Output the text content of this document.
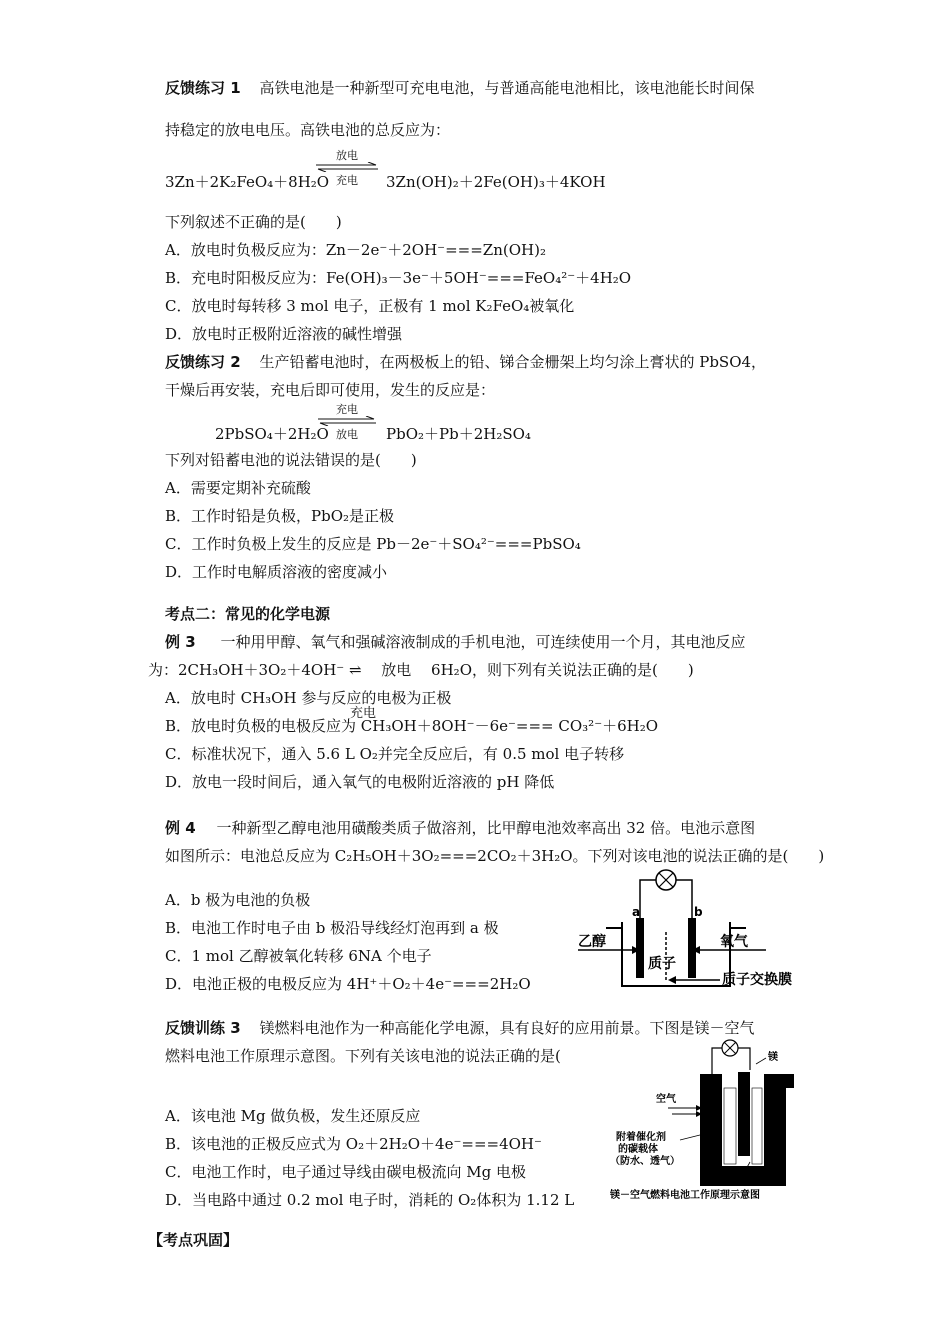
反馈练习 1 高铁电池是一种新型可充电电池，与普通高能电池相比，该电池能长时间保
持稳定的放电电压。高铁电池的总反应为：
3Zn＋2K₂FeO₄＋8H₂O
放电
充电	3Zn(OH)₂＋2Fe(OH)₃＋4KOH
下列叙述不正确的是(　　)
A．放电时负极反应为：Zn－2e⁻＋2OH⁻===Zn(OH)₂
B．充电时阳极反应为：Fe(OH)₃－3e⁻＋5OH⁻===FeO₄²⁻＋4H₂O
C．放电时每转移 3 mol 电子，正极有 1 mol K₂FeO₄被氧化
D．放电时正极附近溶液的碱性增强
反馈练习 2 生产铅蓄电池时，在两极板上的铅、锑合金栅架上均匀涂上膏状的 PbSO4，
干燥后再安装，充电后即可使用，发生的反应是：
2PbSO₄＋2H₂O
充电
放电	PbO₂＋Pb＋2H₂SO₄
下列对铅蓄电池的说法错误的是(　　)
A．需要定期补充硫酸
B．工作时铅是负极，PbO₂是正极
C．工作时负极上发生的反应是 Pb－2e⁻＋SO₄²⁻===PbSO₄
D．工作时电解质溶液的密度减小
考点二：常见的化学电源
例 3 一种用甲醇、氧气和强碱溶液制成的手机电池，可连续使用一个月，其电池反应
为：2CH₃OH＋3O₂＋4OH⁻ ⇌　 放电　 6H₂O，则下列有关说法正确的是(　　)
A．放电时 CH₃OH 参与反应的电极为正极
充电
B．放电时负极的电极反应为 CH₃OH＋8OH⁻－6e⁻=== CO₃²⁻＋6H₂O
C．标准状况下，通入 5.6 L O₂并完全反应后，有 0.5 mol 电子转移
D．放电一段时间后，通入氧气的电极附近溶液的 pH 降低
例 4 一种新型乙醇电池用磺酸类质子做溶剂，比甲醇电池效率高出 32 倍。电池示意图
如图所示：电池总反应为 C₂H₅OH＋3O₂===2CO₂＋3H₂O。下列对该电池的说法正确的是(　　)
A．b 极为电池的负极
B．电池工作时电子由 b 极沿导线经灯泡再到 a 极
C．1 mol 乙醇被氧化转移 6NA 个电子
D．电池正极的电极反应为 4H⁺＋O₂＋4e⁻===2H₂O
a	b
乙醇	氧气
质子
质子交换膜
反馈训练 3 镁燃料电池作为一种高能化学电源，具有良好的应用前景。下图是镁－空气
燃料电池工作原理示意图。下列有关该电池的说法正确的是(
A．该电池 Mg 做负极，发生还原反应
B．该电池的正极反应式为 O₂＋2H₂O＋4e⁻===4OH⁻
C．电池工作时，电子通过导线由碳电极流向 Mg 电极
D．当电路中通过 0.2 mol 电子时，消耗的 O₂体积为 1.12 L
镁
空气
附着催化剂
的碳载体
（防水、透气）
氯化钠溶液
镁－空气燃料电池工作原理示意图
【考点巩固】
